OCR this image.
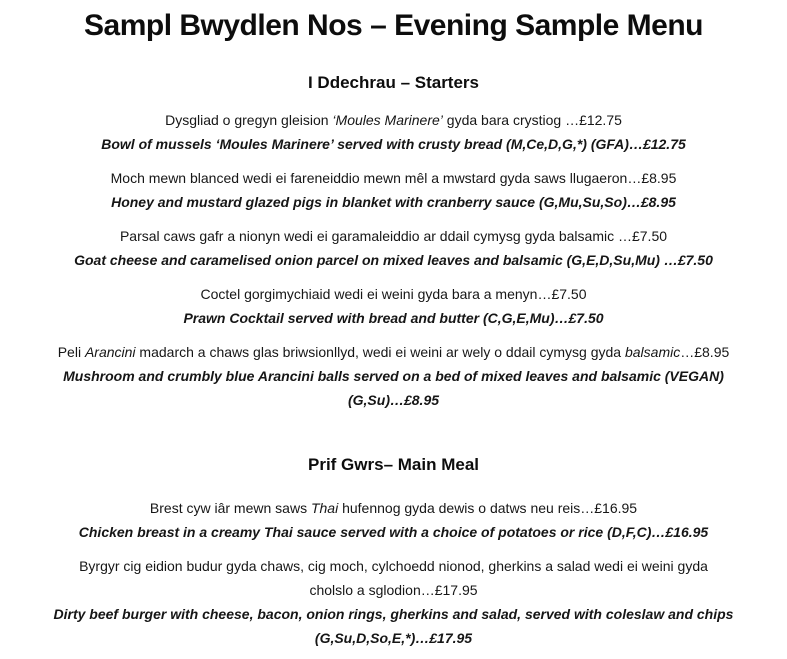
Sampl Bwydlen Nos – Evening Sample Menu
I Ddechrau – Starters

Dysgliad o gregyn gleision ‘Moules Marinere’ gyda bara crystiog …£12.75

Bowl of mussels ‘Moules Marinere’ served with crusty bread (M,Ce,D,G,*) (GFA)…£12.75

Moch mewn blanced wedi ei fareneiddio mewn mêl a mwstard gyda saws llugaeron…£8.95

Honey and mustard glazed pigs in blanket with cranberry sauce (G,Mu,Su,So)…£8.95

Parsal caws gafr a nionyn wedi ei garamaleiddio ar ddail cymysg gyda balsamic …£7.50

Goat cheese and caramelised onion parcel on mixed leaves and balsamic (G,E,D,Su,Mu) …£7.50

Coctel gorgimychiaid wedi ei weini gyda bara a menyn…£7.50

Prawn Cocktail served with bread and butter (C,G,E,Mu)…£7.50

Peli Arancini madarch a chaws glas briwsionllyd, wedi ei weini ar wely o ddail cymysg gyda balsamic…£8.95

Mushroom and crumbly blue Arancini balls served on a bed of mixed leaves and balsamic (VEGAN)

(G,Su)…£8.95

Prif Gwrs– Main Meal

Brest cyw iâr mewn saws Thai hufennog gyda dewis o datws neu reis…£16.95

Chicken breast in a creamy Thai sauce served with a choice of potatoes or rice (D,F,C)…£16.95

Byrgyr cig eidion budur gyda chaws, cig moch, cylchoedd nionod, gherkins a salad wedi ei weini gyda

cholslo a sglodion…£17.95

Dirty beef burger with cheese, bacon, onion rings, gherkins and salad, served with coleslaw and chips

(G,Su,D,So,E,*)…£17.95
